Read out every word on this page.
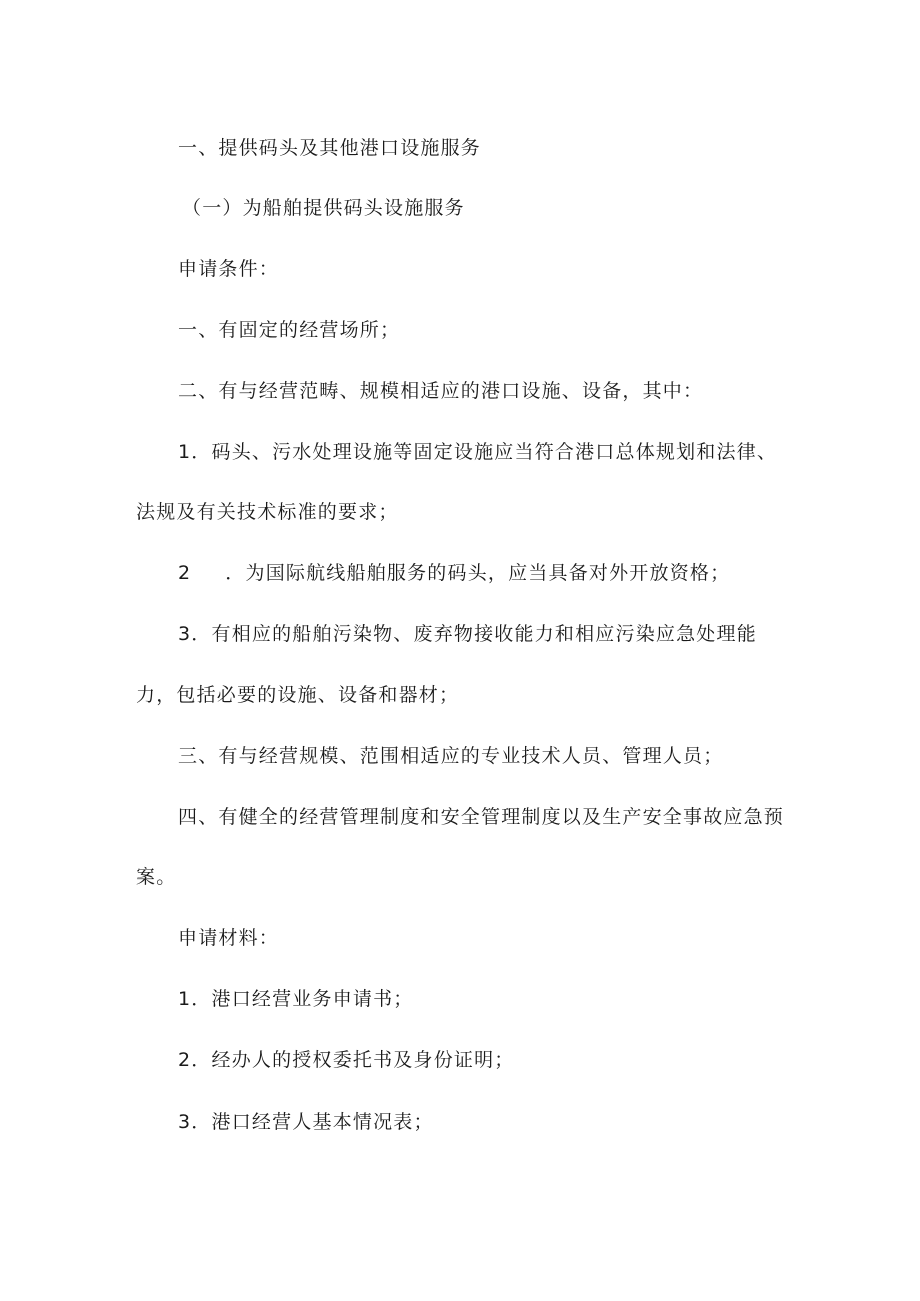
一、提供码头及其他港口设施服务
（一）为船舶提供码头设施服务
申请条件：
一、有固定的经营场所；
二、有与经营范畴、规模相适应的港口设施、设备，其中：
1．码头、污水处理设施等固定设施应当符合港口总体规划和法律、
法规及有关技术标准的要求；
2 ．为国际航线船舶服务的码头，应当具备对外开放资格；
3．有相应的船舶污染物、废弃物接收能力和相应污染应急处理能
力，包括必要的设施、设备和器材；
三、有与经营规模、范围相适应的专业技术人员、管理人员；
四、有健全的经营管理制度和安全管理制度以及生产安全事故应急预
案。
申请材料：
1．港口经营业务申请书；
2．经办人的授权委托书及身份证明；
3．港口经营人基本情况表；
